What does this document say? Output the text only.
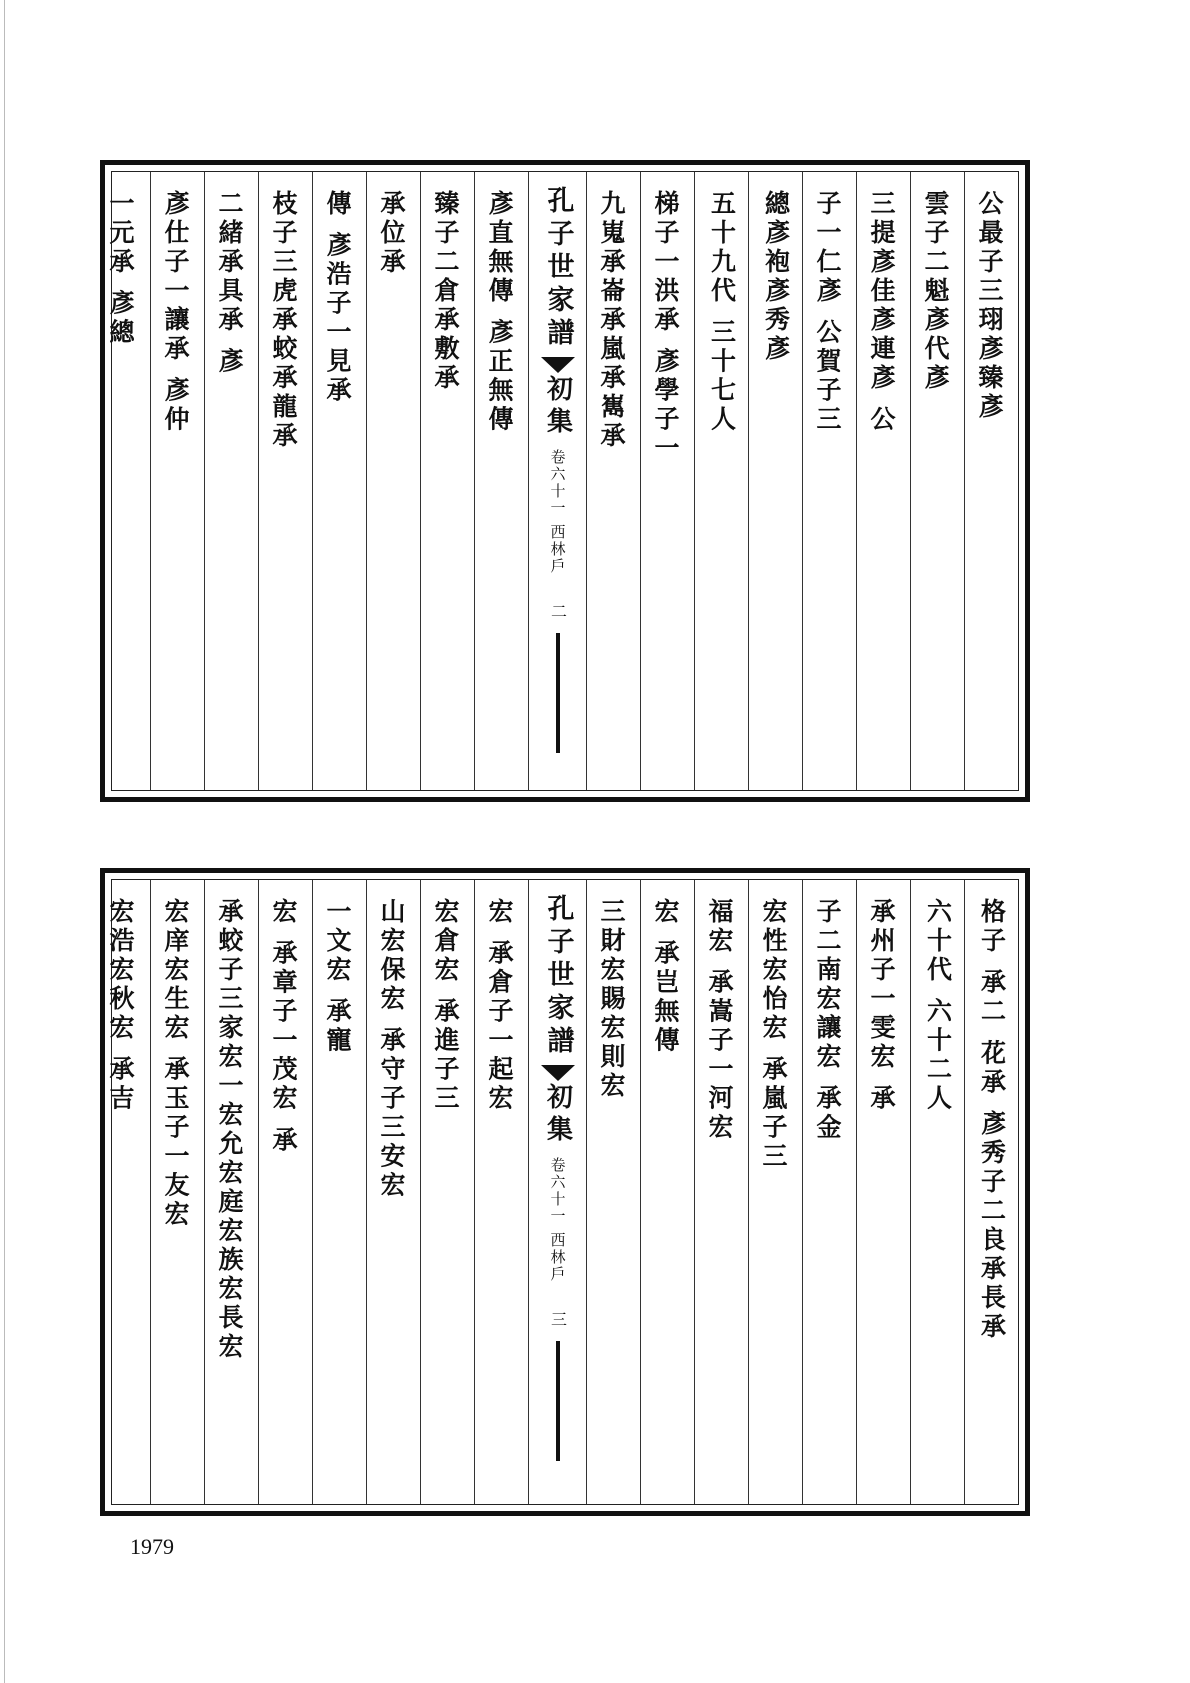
公最子三珝彥臻彥
雲子二魁彥代彥
三提彥佳彥連彥 公
子一仁彥 公賀子三
總彥袍彥秀彥
五十九代 三十七人
梯子一洪承 彥學子一
九嵬承崙承嵐承嶲承
孔子世家譜
初集
卷六十一 西林戶
二
彥直無傳 彥正無傳
臻子二倉承敷承
承位承
傳 彥浩子一見承
枝子三虎承蛟承龍承
二緒承具承 彥
彥仕子一讓承 彥仲
一元承 彥總
格子 承二 花承 彥秀子二良承長承
六十代 六十二人
承州子一雯宏 承
子二南宏讓宏 承金
宏性宏怡宏 承嵐子三
福宏 承嵩子一河宏
宏 承岂無傳
三財宏賜宏則宏
孔子世家譜
初集
卷六十一 西林戶
三
宏 承倉子一起宏
宏倉宏 承進子三
山宏保宏 承守子三安宏
一文宏 承寵
宏 承章子一茂宏 承
承蛟子三家宏一宏允宏庭宏族宏長宏
宏庠宏生宏 承玉子一友宏
宏浩宏秋宏 承吉
1979
